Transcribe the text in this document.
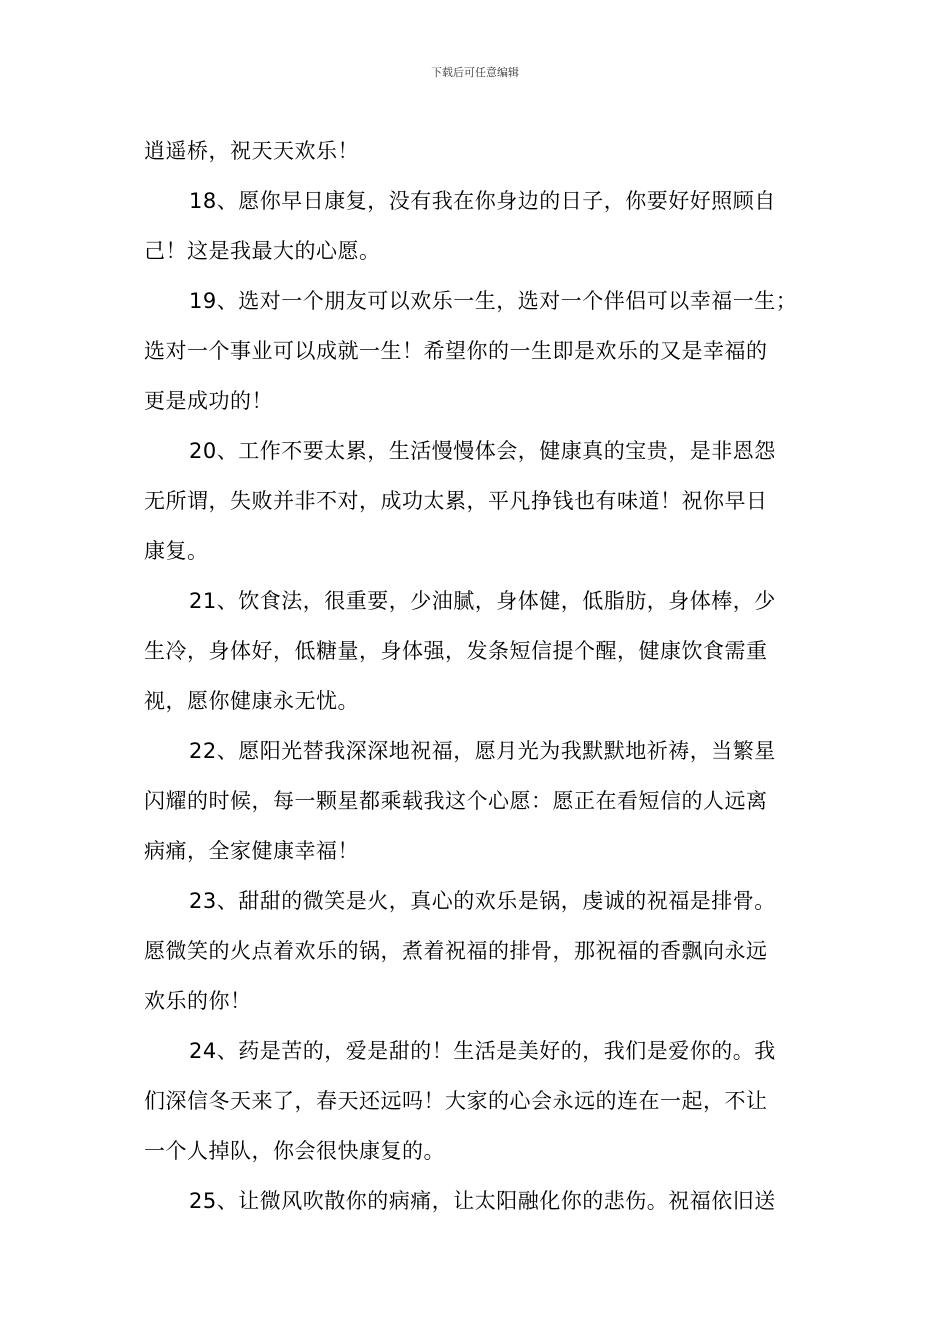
下载后可任意编辑
逍遥桥，祝天天欢乐！
18、愿你早日康复，没有我在你身边的日子，你要好好照顾自
己！这是我最大的心愿。
19、选对一个朋友可以欢乐一生，选对一个伴侣可以幸福一生；
选对一个事业可以成就一生！希望你的一生即是欢乐的又是幸福的
更是成功的！
20、工作不要太累，生活慢慢体会，健康真的宝贵，是非恩怨
无所谓，失败并非不对，成功太累，平凡挣钱也有味道！祝你早日
康复。
21、饮食法，很重要，少油腻，身体健，低脂肪，身体棒，少
生冷，身体好，低糖量，身体强，发条短信提个醒，健康饮食需重
视，愿你健康永无忧。
22、愿阳光替我深深地祝福，愿月光为我默默地祈祷，当繁星
闪耀的时候，每一颗星都乘载我这个心愿：愿正在看短信的人远离
病痛，全家健康幸福！
23、甜甜的微笑是火，真心的欢乐是锅，虔诚的祝福是排骨。
愿微笑的火点着欢乐的锅，煮着祝福的排骨，那祝福的香飘向永远
欢乐的你！
24、药是苦的，爱是甜的！生活是美好的，我们是爱你的。我
们深信冬天来了，春天还远吗！大家的心会永远的连在一起，不让
一个人掉队，你会很快康复的。
25、让微风吹散你的病痛，让太阳融化你的悲伤。祝福依旧送
